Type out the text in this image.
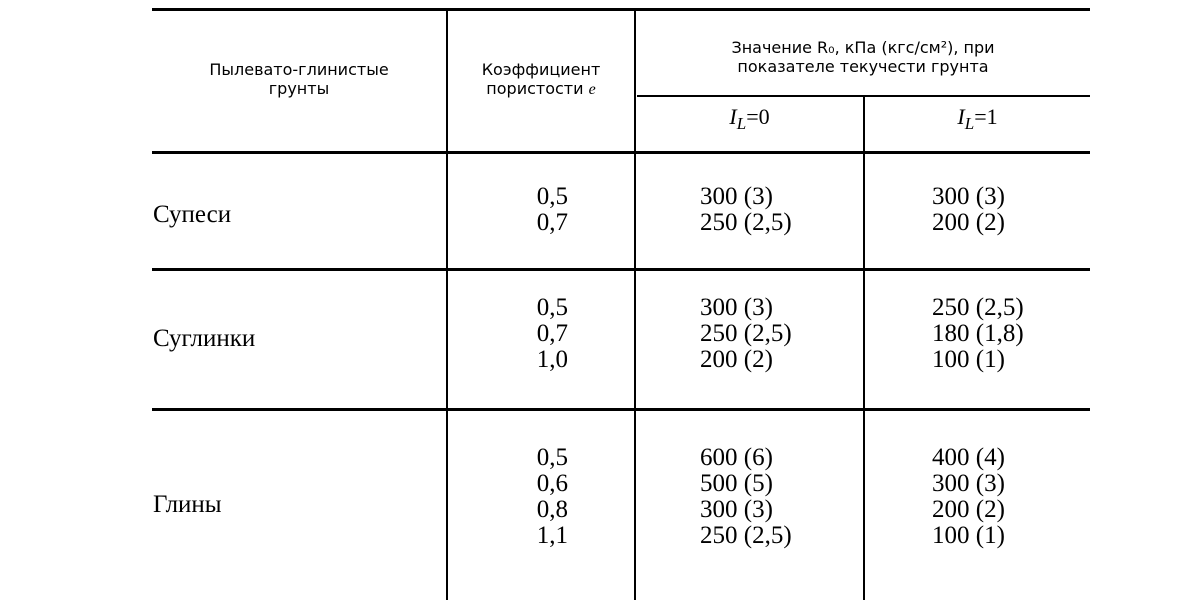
Пылевато-глинистые
грунты
Коэффициент
пористости e
Значение R₀, кПа (кгс/см²), при
показателе текучести грунта
$I_L=0$	$I_L=1$
Супеси
0,5
0,7
300 (3)
250 (2,5)
300 (3)
200 (2)
Суглинки
0,5
0,7
1,0
300 (3)
250 (2,5)
200 (2)
250 (2,5)
180 (1,8)
100 (1)
Глины
0,5
0,6
0,8
1,1
600 (6)
500 (5)
300 (3)
250 (2,5)
400 (4)
300 (3)
200 (2)
100 (1)
